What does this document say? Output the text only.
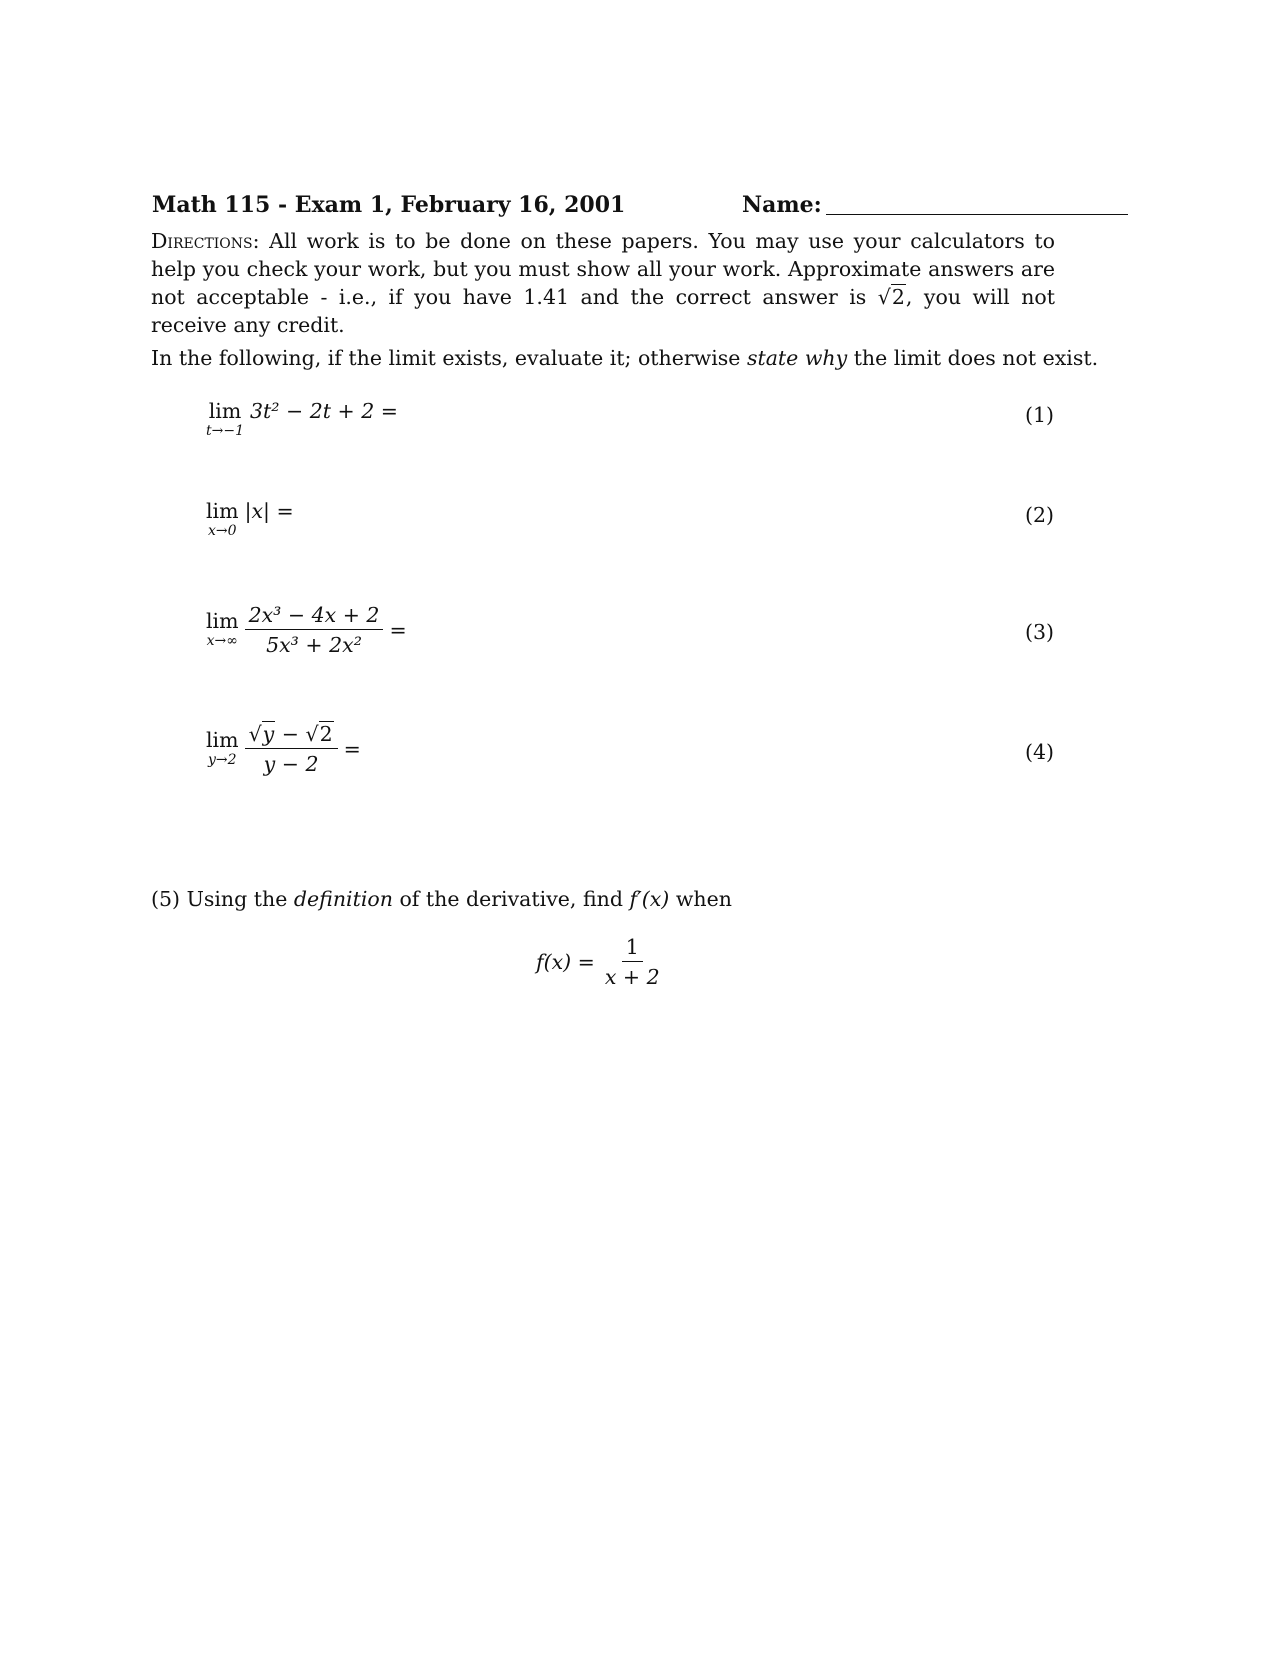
Math 115 - Exam 1, February 16, 2001	Name:
Directions: All work is to be done on these papers. You may use your calculators to help you check your work, but you must show all your work. Approximate answers are not acceptable - i.e., if you have 1.41 and the correct answer is √2, you will not receive any credit.
In the following, if the limit exists, evaluate it; otherwise state why the limit does not exist.
lim
t→−1
3t² − 2t + 2 =	(1)
lim
x→0
|x| =	(2)
lim
$x\to\infty \frac{\text{2x³ − 4x + 2}}{\text{5x³ + 2x²}}$ =	(3)
lim
$y\to 2 \frac{√y - √2}{y - 2}$ =	(4)
(5) Using the definition of the derivative, find f′(x) when
$f(x) = \frac{1}{x + 2}$
